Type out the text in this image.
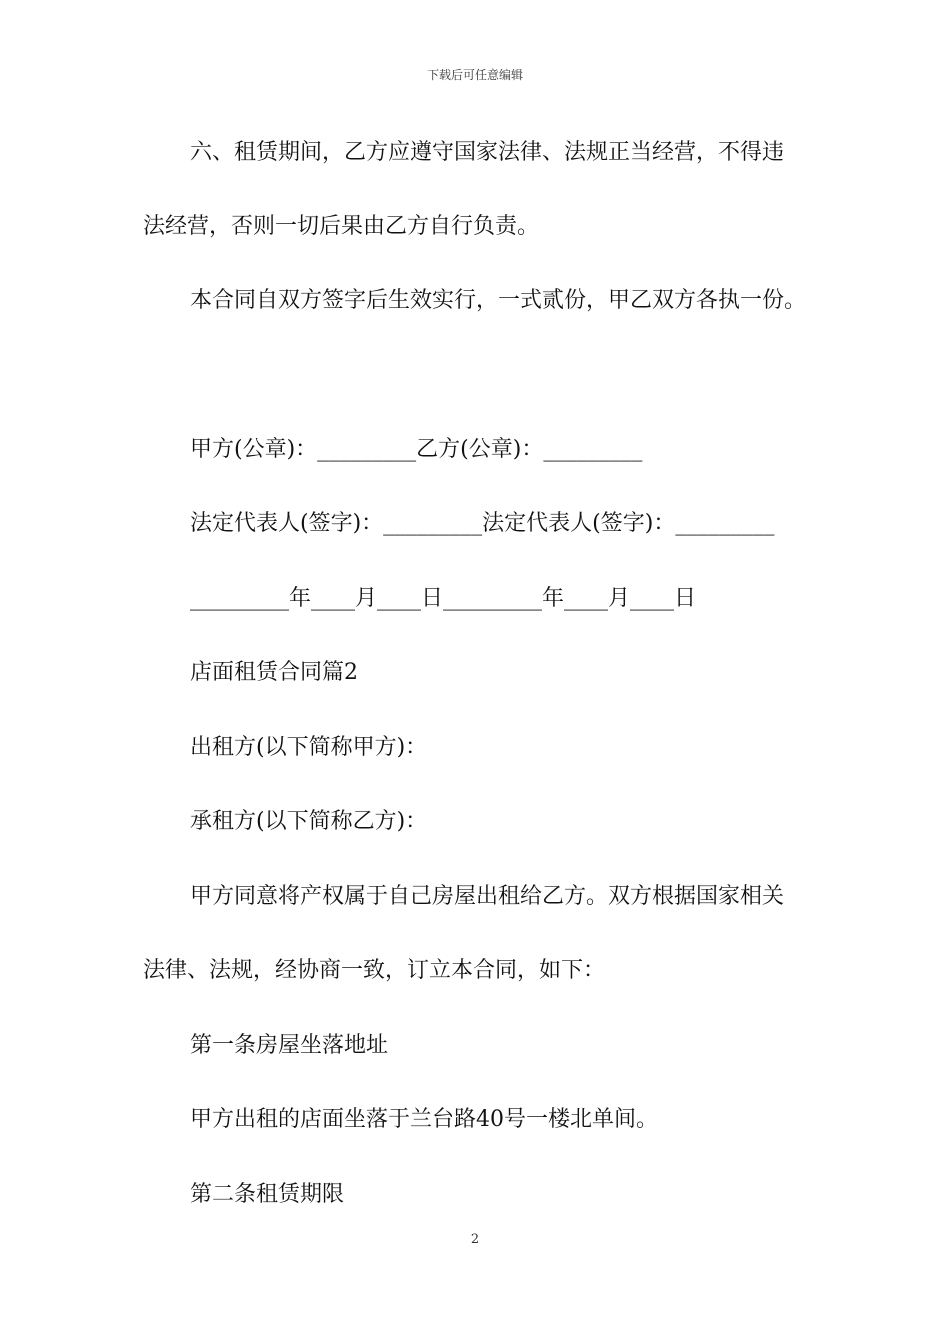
下载后可任意编辑
六、租赁期间，乙方应遵守国家法律、法规正当经营，不得违
法经营，否则一切后果由乙方自行负责。
本合同自双方签字后生效实行，一式贰份，甲乙双方各执一份。
甲方(公章)：_________乙方(公章)：_________
法定代表人(签字)：_________法定代表人(签字)：_________
_________年____月____日_________年____月____日
店面租赁合同篇2
出租方(以下简称甲方)：
承租方(以下简称乙方)：
甲方同意将产权属于自己房屋出租给乙方。双方根据国家相关
法律、法规，经协商一致，订立本合同，如下：
第一条房屋坐落地址
甲方出租的店面坐落于兰台路40号一楼北单间。
第二条租赁期限
2
